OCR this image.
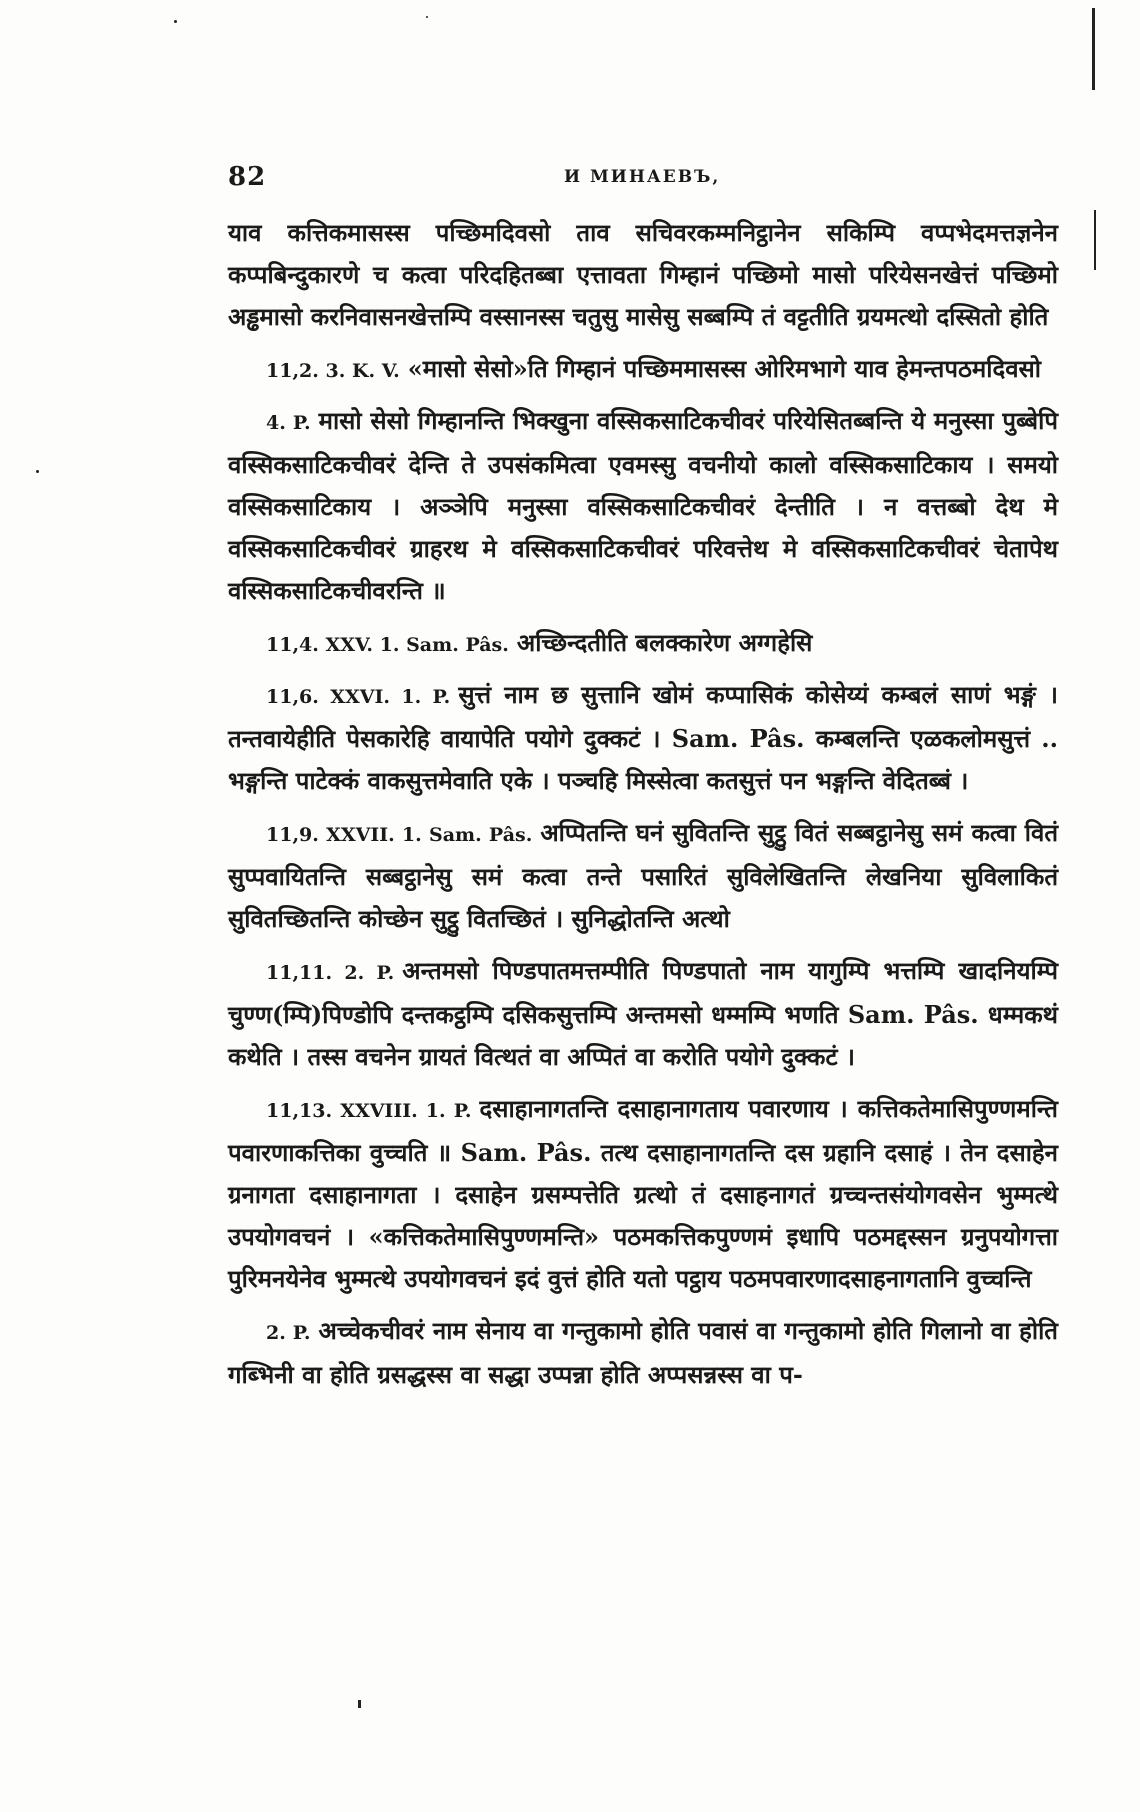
82	И МИНАЕВЪ,

याव कत्तिकमासस्स पच्छिमदिवसो ताव सचिवरकम्मनिट्ठानेन सकिम्पि वप्पभेदमत्तज्ञनेन कप्पबिन्दुकारणे च कत्वा परिदहितब्बा एत्तावता गिम्हानं पच्छिमो मासो परियेसनखेत्तं पच्छिमो अड्ढमासो करनिवासनखेत्तम्पि वस्सानस्स चतुसु मासेसु सब्बम्पि तं वट्टतीति ग्रयमत्थो दस्सितो होति

11,2. 3. K. V. «मासो सेसो»ति गिम्हानं पच्छिममासस्स ओरिमभागे याव हेमन्तपठमदिवसो

4. P. मासो सेसो गिम्हानन्ति भिक्खुना वस्सिकसाटिकचीवरं परियेसितब्बन्ति ये मनुस्सा पुब्बेपि वस्सिकसाटिकचीवरं देन्ति ते उपसंकमित्वा एवमस्सु वचनीयो कालो वस्सिकसाटिकाय । समयो वस्सिकसाटिकाय । अञ्ञेपि मनुस्सा वस्सिकसाटिकचीवरं देन्तीति । न वत्तब्बो देथ मे वस्सिकसाटिकचीवरं ग्राहरथ मे वस्सिकसाटिकचीवरं परिवत्तेथ मे वस्सिकसाटिकचीवरं चेतापेथ वस्सिकसाटिकचीवरन्ति ॥

11,4. XXV. 1. Sam. Pâs. अच्छिन्दतीति बलक्कारेण अग्गहेसि

11,6. XXVI. 1. P. सुत्तं नाम छ सुत्तानि खोमं कप्पासिकं कोसेय्यं कम्बलं साणं भङ्गं । तन्तवायेहीति पेसकारेहि वायापेति पयोगे दुक्कटं । Sam. Pâs. कम्बलन्ति एळकलोमसुत्तं .. भङ्गन्ति पाटेक्कं वाकसुत्तमेवाति एके । पञ्चहि मिस्सेत्वा कतसुत्तं पन भङ्गन्ति वेदितब्बं ।

11,9. XXVII. 1. Sam. Pâs. अप्पितन्ति घनं सुवितन्ति सुट्ठु वितं सब्बट्ठानेसु समं कत्वा वितं सुप्पवायितन्ति सब्बट्ठानेसु समं कत्वा तन्ते पसारितं सुविलेखितन्ति लेखनिया सुविलाकितं सुवितच्छितन्ति कोच्छेन सुट्ठु वितच्छितं । सुनिद्धोतन्ति अत्थो

11,11. 2. P. अन्तमसो पिण्डपातमत्तम्पीति पिण्डपातो नाम यागुम्पि भत्तम्पि खादनियम्पि चुण्ण(म्पि)पिण्डोपि दन्तकट्ठम्पि दसिकसुत्तम्पि अन्तमसो धम्मम्पि भणति Sam. Pâs. धम्मकथं कथेति । तस्स वचनेन ग्रायतं वित्थतं वा अप्पितं वा करोति पयोगे दुक्कटं ।

11,13. XXVIII. 1. P. दसाहानागतन्ति दसाहानागताय पवारणाय । कत्तिकतेमासिपुण्णमन्ति पवारणाकत्तिका वुच्चति ॥ Sam. Pâs. तत्थ दसाहानागतन्ति दस ग्रहानि दसाहं । तेन दसाहेन ग्रनागता दसाहानागता । दसाहेन ग्रसम्पत्तेति ग्रत्थो तं दसाहनागतं ग्रच्चन्तसंयोगवसेन भुम्मत्थे उपयोगवचनं । «कत्तिकतेमासिपुण्णमन्ति» पठमकत्तिकपुण्णमं इधापि पठमद्दस्सन ग्रनुपयोगत्ता पुरिमनयेनेव भुम्मत्थे उपयोगवचनं इदं वुत्तं होति यतो पट्ठाय पठमपवारणादसाहनागतानि वुच्चन्ति

2. P. अच्चेकचीवरं नाम सेनाय वा गन्तुकामो होति पवासं वा गन्तुकामो होति गिलानो वा होति गब्भिनी वा होति ग्रसद्धस्स वा सद्धा उप्पन्ना होति अप्पसन्नस्स वा प-
